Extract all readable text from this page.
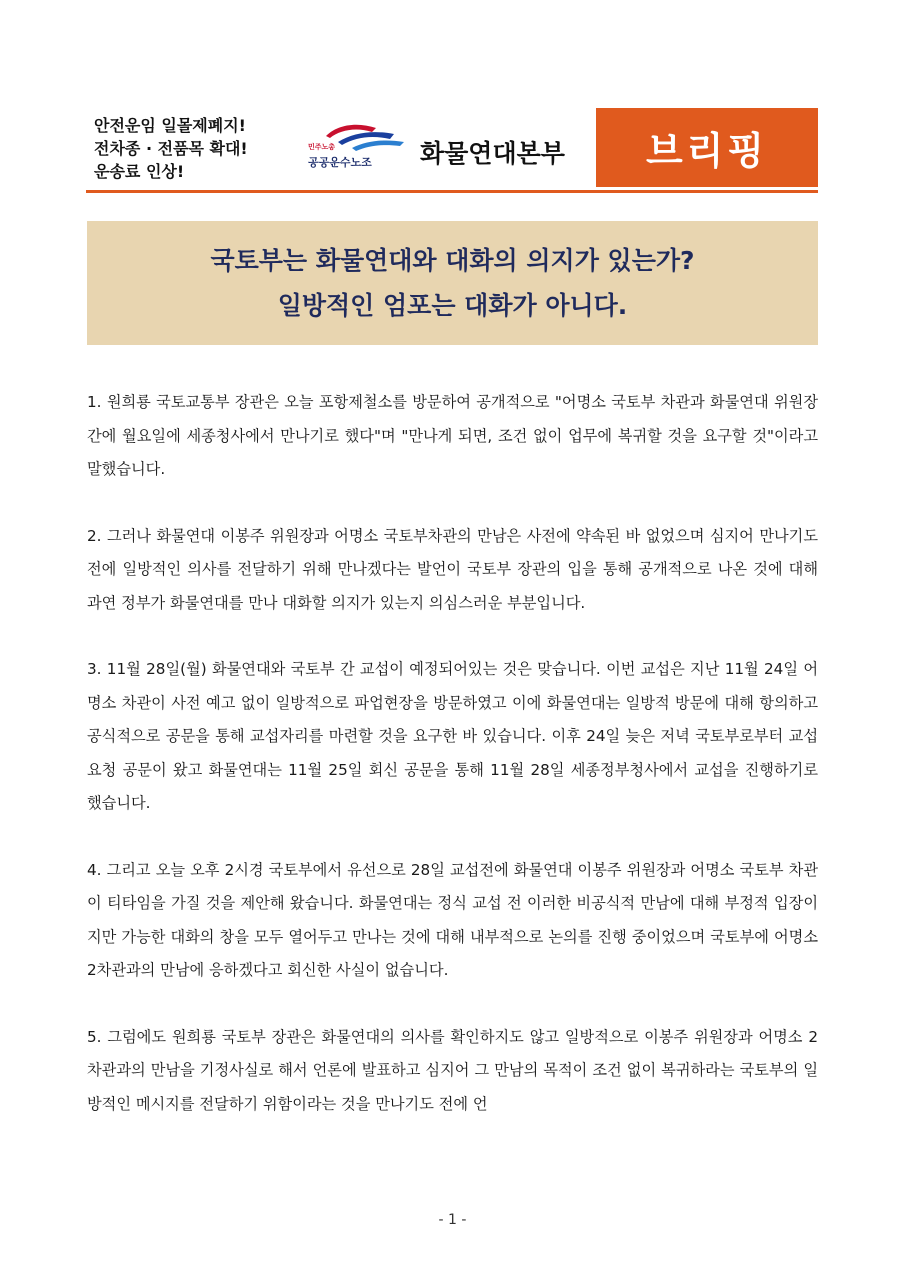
안전운임 일몰제폐지!
전차종 · 전품목 확대!
운송료 인상!
민주노총
공공운수노조	화물연대본부 브리핑
국토부는 화물연대와 대화의 의지가 있는가?
일방적인 엄포는 대화가 아니다.

1. 원희룡 국토교통부 장관은 오늘 포항제철소를 방문하여 공개적으로 "어명소 국토부 차관과 화물연대 위원장 간에 월요일에 세종청사에서 만나기로 했다"며 "만나게 되면, 조건 없이 업무에 복귀할 것을 요구할 것"이라고 말했습니다.

2. 그러나 화물연대 이봉주 위원장과 어명소 국토부차관의 만남은 사전에 약속된 바 없었으며 심지어 만나기도 전에 일방적인 의사를 전달하기 위해 만나겠다는 발언이 국토부 장관의 입을 통해 공개적으로 나온 것에 대해 과연 정부가 화물연대를 만나 대화할 의지가 있는지 의심스러운 부분입니다.

3. 11월 28일(월) 화물연대와 국토부 간 교섭이 예정되어있는 것은 맞습니다. 이번 교섭은 지난 11월 24일 어명소 차관이 사전 예고 없이 일방적으로 파업현장을 방문하였고 이에 화물연대는 일방적 방문에 대해 항의하고 공식적으로 공문을 통해 교섭자리를 마련할 것을 요구한 바 있습니다. 이후 24일 늦은 저녁 국토부로부터 교섭요청 공문이 왔고 화물연대는 11월 25일 회신 공문을 통해 11월 28일 세종정부청사에서 교섭을 진행하기로 했습니다.

4. 그리고 오늘 오후 2시경 국토부에서 유선으로 28일 교섭전에 화물연대 이봉주 위원장과 어명소 국토부 차관이 티타임을 가질 것을 제안해 왔습니다. 화물연대는 정식 교섭 전 이러한 비공식적 만남에 대해 부정적 입장이지만 가능한 대화의 창을 모두 열어두고 만나는 것에 대해 내부적으로 논의를 진행 중이었으며 국토부에 어명소 2차관과의 만남에 응하겠다고 회신한 사실이 없습니다.

5. 그럼에도 원희룡 국토부 장관은 화물연대의 의사를 확인하지도 않고 일방적으로 이봉주 위원장과 어명소 2차관과의 만남을 기정사실로 해서 언론에 발표하고 심지어 그 만남의 목적이 조건 없이 복귀하라는 국토부의 일방적인 메시지를 전달하기 위함이라는 것을 만나기도 전에 언

- 1 -
